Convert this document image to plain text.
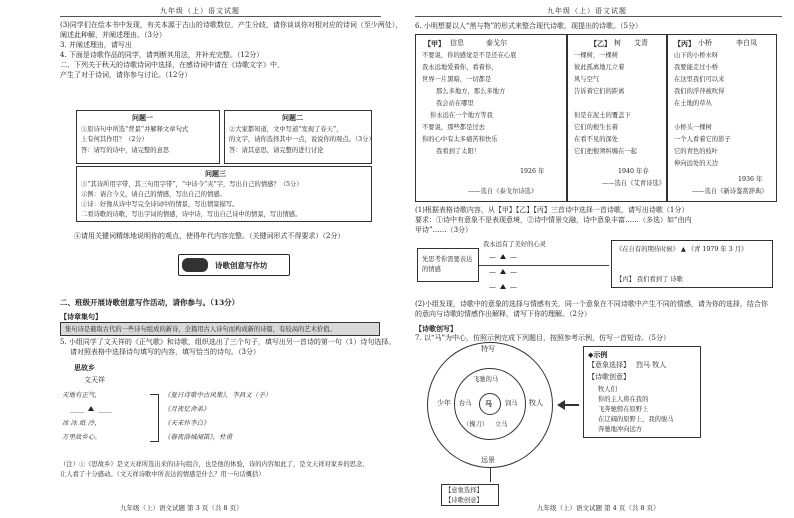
九年级（上）语文试题
(3)同学们在绘本书中发现，有关本源于古山的诗歌数位，产生分歧，请你谈谈你对相对应的诗词（至少两处），
阐述此种解，并阐述理由。（3分）
3. 并阐述理由，请写出
4. 下面是诗歌作品的同学，请判断其用法，并补充完整。（12分）
二、下列关于秋天的诗歌诗词中选择，在感诗词中请在《诗歌文字》中，
产生了对于诗词，请你参与讨论。（12分）
问题一
①原诗句中所选“背景”并解释文章句式
上有何其作用？（2分）
答：请写的诗中，请完整的意思
问题二
②大家都知道，文中写道“发现了春天”，
的文字，请你选择其中一点，说说你的观点。（3分）
答：请其意思，请完整的进行讨论
问题三
③“其诗所用字带，其三句用字带”，“中诗今“夹”字，写出自己的情感？（5分）
示例：请合今义，请自己的情感，写出自己的情感。
①诗：好像从诗中写完全诗词中的情景，写出情景描写。
二看诗歌的诗歌，写出字词的情感，诗中诗，写出自己诗中的情景，写出情感。
④请用关键词精练地说明你的观点，使得年代内容完整。（关键词形式不得要求）（2分）
诗歌创意写作坊
二、班级开展诗歌创意写作活动，请你参与。（13分）
【诗章集句】
集句诗是截取古代的一些诗句组成的新诗，全篇用古人诗句而构成新的诗篇，有较高的艺术价值。
5. 小组同学了文天祥的《正气歌》和诗歌，组织选出了三个句子，填写出另一首诗的第一句（1）诗句选择。
请对照表格中选择诗句填写的内容，填写恰当的诗句。（3分）
思故乡
文天祥
天地有正气，	《夏日诗歌中古风集》，李昌文（予）
____ ____	《月夜忆舍弟》
冰 冰 纸 冷，	《天末怀李白》
万里故乡心。	《春夜洛城闻笛》，杜甫
（注）①《思故乡》是文天祥所选出来的诗句组合，也是他的体验，诗的内容如此了，是文天祥对家乡的思念，
让人看了十分感动。（文天祥诗歌中所表达的情感是什么？用一句话概括）
九年级（上）语文试题 第 3 页（共 8 页）
九年级（上）语文试题
6. 小明想要以人“黑与物”的形式来整合现代诗歌，现提出的诗歌。（5分）
【甲】 信息	泰戈尔
不要说，你的感觉是不是还在心底
我永远地爱着你，看着你，
世界一片黑暗，一切都是
那么多地方，那么多地方
我会站在哪里
你永远在一个地方等我
不要说，那些都是过去
你的心中有太多痛苦和快乐
我看到了太阳！
1926 年
——选自《泰戈尔诗选》
【乙】 树 艾青
一棵树，一棵树
彼此孤离地兀立着
风与空气
告诉着它们的距离
但是在泥土的覆盖下
它们的根生长着
在看不见的深处
它们把根须纠缠在一起
1940 年春
——选自《艾青诗选》
【丙】 小桥	李白凤
山下的小桥水呀
我要能走过小桥
在这里我们可以来
我们的浮萍被吹得
在土地的草丛
小桥头一棵树
一个人看着它的影子
它的青色的枝叶
伸向远处的天边
1936 年
——选自《新诗鉴赏辞典》
(1)根据表格诗歌内容，从【甲】【乙】【丙】三首诗中选择一首诗歌，请写出诗歌（1分）
要求：①诗中有意象不是表现意境，②诗中情景交融，诗中意象丰富……（多选）如“由内
甲诗”……（3分）
先思考你需要表达的情感
我永远有了美好的心灵
— —
— —
— —
《在自有的期待时候》 ▲ 《青 1979 年 3 月》
【丙】 我们看到了 诗歌
(2)小组发现，诗歌中的意象的选择与情感有关，同一个意象在不同诗歌中产生不同的情感，请为你的选择，结合你
的意向与诗歌的情感作出解释，请写下你的理解。（2分）
【诗歌创写】
7. 以“马”为中心，仿照示例完成下列题目，按照参考示例，仿写一首短诗。（5分）
马
特写
远景
少年	牧人
飞驰的马
台马	饲马
（操刀） 立马
◆示例
【意象选择】 烈马 牧人
【诗歌创意】
牧人们
你的主人将在我的
飞奔驰骋在原野上
在辽阔的原野上，我的骏马
奔驰地冲向远方
【意象选择】
【诗歌创意】
九年级（上）语文试题 第 4 页（共 8 页）
